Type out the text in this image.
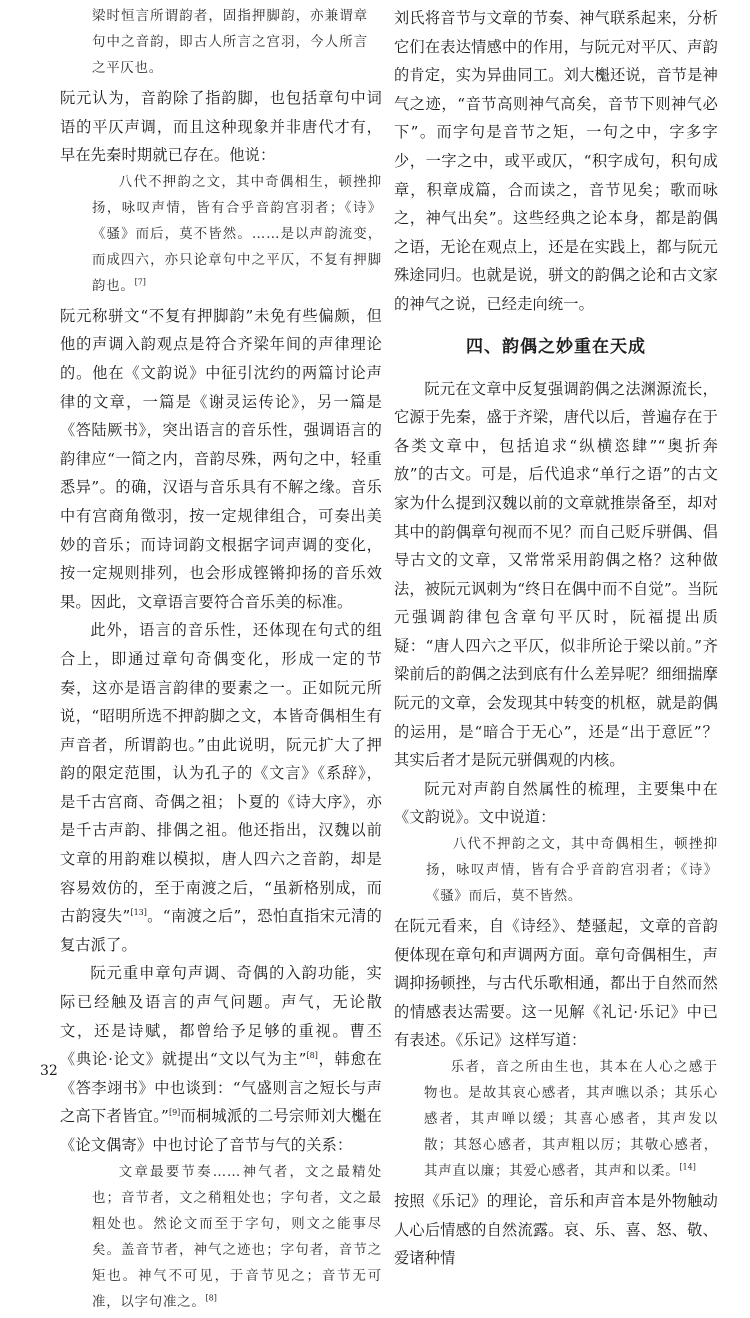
梁时恒言所谓韵者，固指押脚韵，亦兼谓章句中之音韵，即古人所言之宫羽，今人所言之平仄也。

阮元认为，音韵除了指韵脚，也包括章句中词语的平仄声调，而且这种现象并非唐代才有，早在先秦时期就已存在。他说：

八代不押韵之文，其中奇偶相生，顿挫抑扬，咏叹声情，皆有合乎音韵宫羽者；《诗》《骚》而后，莫不皆然。……是以声韵流变，而成四六，亦只论章句中之平仄，不复有押脚韵也。[7]

阮元称骈文“不复有押脚韵”未免有些偏颇，但他的声调入韵观点是符合齐梁年间的声律理论的。他在《文韵说》中征引沈约的两篇讨论声律的文章，一篇是《谢灵运传论》，另一篇是《答陆厥书》，突出语言的音乐性，强调语言的韵律应“一简之内，音韵尽殊，两句之中，轻重悉异”。的确，汉语与音乐具有不解之缘。音乐中有宫商角徵羽，按一定规律组合，可奏出美妙的音乐；而诗词韵文根据字词声调的变化，按一定规则排列，也会形成铿锵抑扬的音乐效果。因此，文章语言要符合音乐美的标准。

此外，语言的音乐性，还体现在句式的组合上，即通过章句奇偶变化，形成一定的节奏，这亦是语言韵律的要素之一。正如阮元所说，“昭明所选不押韵脚之文，本皆奇偶相生有声音者，所谓韵也。”由此说明，阮元扩大了押韵的限定范围，认为孔子的《文言》《系辞》，是千古宫商、奇偶之祖；卜夏的《诗大序》，亦是千古声韵、排偶之祖。他还指出，汉魏以前文章的用韵难以模拟，唐人四六之音韵，却是容易效仿的，至于南渡之后，“虽新格别成，而古韵寖失”[13]。“南渡之后”，恐怕直指宋元清的复古派了。

阮元重申章句声调、奇偶的入韵功能，实际已经触及语言的声气问题。声气，无论散文，还是诗赋，都曾给予足够的重视。曹丕《典论·论文》就提出“文以气为主”[8]，韩愈在《答李翊书》中也谈到：“气盛则言之短长与声之高下者皆宜。”[9]而桐城派的二号宗师刘大櫆在《论文偶寄》中也讨论了音节与气的关系：

文章最要节奏……神气者，文之最精处也；音节者，文之稍粗处也；字句者，文之最粗处也。然论文而至于字句，则文之能事尽矣。盖音节者，神气之迹也；字句者，音节之矩也。神气不可见，于音节见之；音节无可准，以字句准之。[8]

刘氏将音节与文章的节奏、神气联系起来，分析它们在表达情感中的作用，与阮元对平仄、声韵的肯定，实为异曲同工。刘大櫆还说，音节是神气之迹，“音节高则神气高矣，音节下则神气必下”。而字句是音节之矩，一句之中，字多字少，一字之中，或平或仄，“积字成句，积句成章，积章成篇，合而读之，音节见矣；歌而咏之，神气出矣”。这些经典之论本身，都是韵偶之语，无论在观点上，还是在实践上，都与阮元殊途同归。也就是说，骈文的韵偶之论和古文家的神气之说，已经走向统一。

四、韵偶之妙重在天成

阮元在文章中反复强调韵偶之法渊源流长，它源于先秦，盛于齐梁，唐代以后，普遍存在于各类文章中，包括追求“纵横恣肆”“奥折奔放”的古文。可是，后代追求“单行之语”的古文家为什么提到汉魏以前的文章就推崇备至，却对其中的韵偶章句视而不见？而自己贬斥骈偶、倡导古文的文章，又常常采用韵偶之格？这种做法，被阮元讽刺为“终日在偶中而不自觉”。当阮元强调韵律包含章句平仄时，阮福提出质疑：“唐人四六之平仄，似非所论于梁以前。”齐梁前后的韵偶之法到底有什么差异呢？细细揣摩阮元的文章，会发现其中转变的机枢，就是韵偶的运用，是“暗合于无心”，还是“出于意匠”？其实后者才是阮元骈偶观的内核。

阮元对声韵自然属性的梳理，主要集中在《文韵说》。文中说道：

八代不押韵之文，其中奇偶相生，顿挫抑扬，咏叹声情，皆有合乎音韵宫羽者；《诗》《骚》而后，莫不皆然。

在阮元看来，自《诗经》、楚骚起，文章的音韵便体现在章句和声调两方面。章句奇偶相生，声调抑扬顿挫，与古代乐歌相通，都出于自然而然的情感表达需要。这一见解《礼记·乐记》中已有表述。《乐记》这样写道：

乐者，音之所由生也，其本在人心之感于物也。是故其哀心感者，其声噍以杀；其乐心感者，其声啴以缓；其喜心感者，其声发以散；其怒心感者，其声粗以厉；其敬心感者，其声直以廉；其爱心感者，其声和以柔。[14]

按照《乐记》的理论，音乐和声音本是外物触动人心后情感的自然流露。哀、乐、喜、怒、敬、爱诸种情

32
